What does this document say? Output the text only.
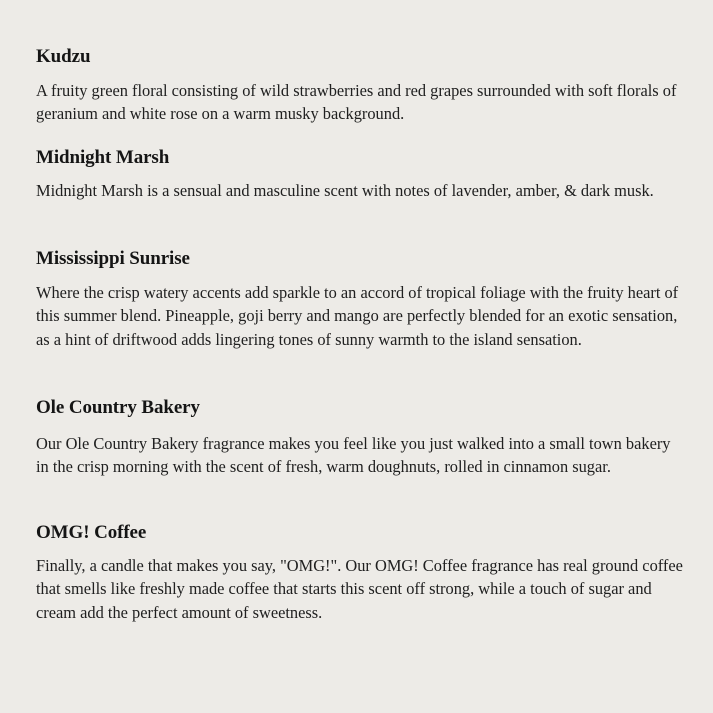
Kudzu

A fruity green floral consisting of wild strawberries and red grapes surrounded with soft florals of geranium and white rose on a warm musky background.

Midnight Marsh

Midnight Marsh is a sensual and masculine scent with notes of lavender, amber, & dark musk.

Mississippi Sunrise

Where the crisp watery accents add sparkle to an accord of tropical foliage with the fruity heart of this summer blend. Pineapple, goji berry and mango are perfectly blended for an exotic sensation, as a hint of driftwood adds lingering tones of sunny warmth to the island sensation.

Ole Country Bakery

Our Ole Country Bakery fragrance makes you feel like you just walked into a small town bakery in the crisp morning with the scent of fresh, warm doughnuts, rolled in cinnamon sugar.

OMG! Coffee

Finally, a candle that makes you say, "OMG!". Our OMG! Coffee fragrance has real ground coffee that smells like freshly made coffee that starts this scent off strong, while a touch of sugar and cream add the perfect amount of sweetness.
